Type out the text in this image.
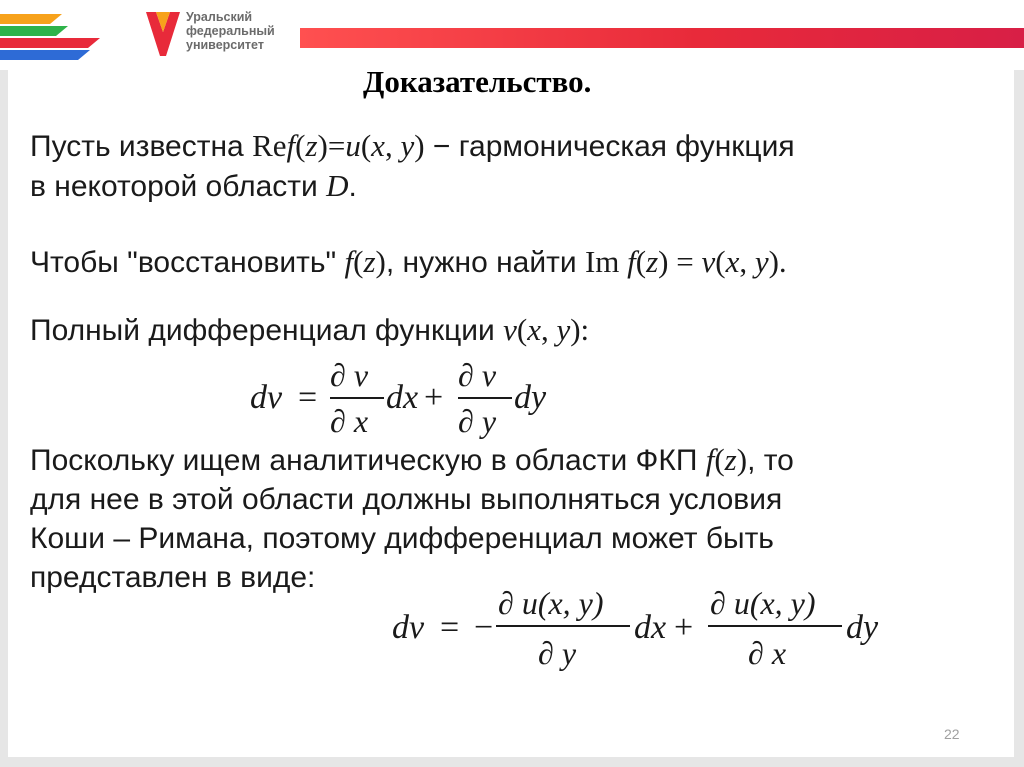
Уральский
федеральный
университет
Доказательство.

Пусть известна Ref(z)=u(x, y) − гармоническая функция
в некоторой области D.

Чтобы "восстановить" f(z), нужно найти Im f(z) = v(x, y).

Полный дифференциал функции v(x, y):

dv =
∂ v
∂ x
dx +
∂ v
∂ y
dy

Поскольку ищем аналитическую в области ФКП f(z), то
для нее в этой области должны выполняться условия
Коши – Римана, поэтому дифференциал может быть
представлен в виде:

dv = −
∂ u(x, y)
∂ y
dx +
∂ u(x, y)
∂ x
dy
22
